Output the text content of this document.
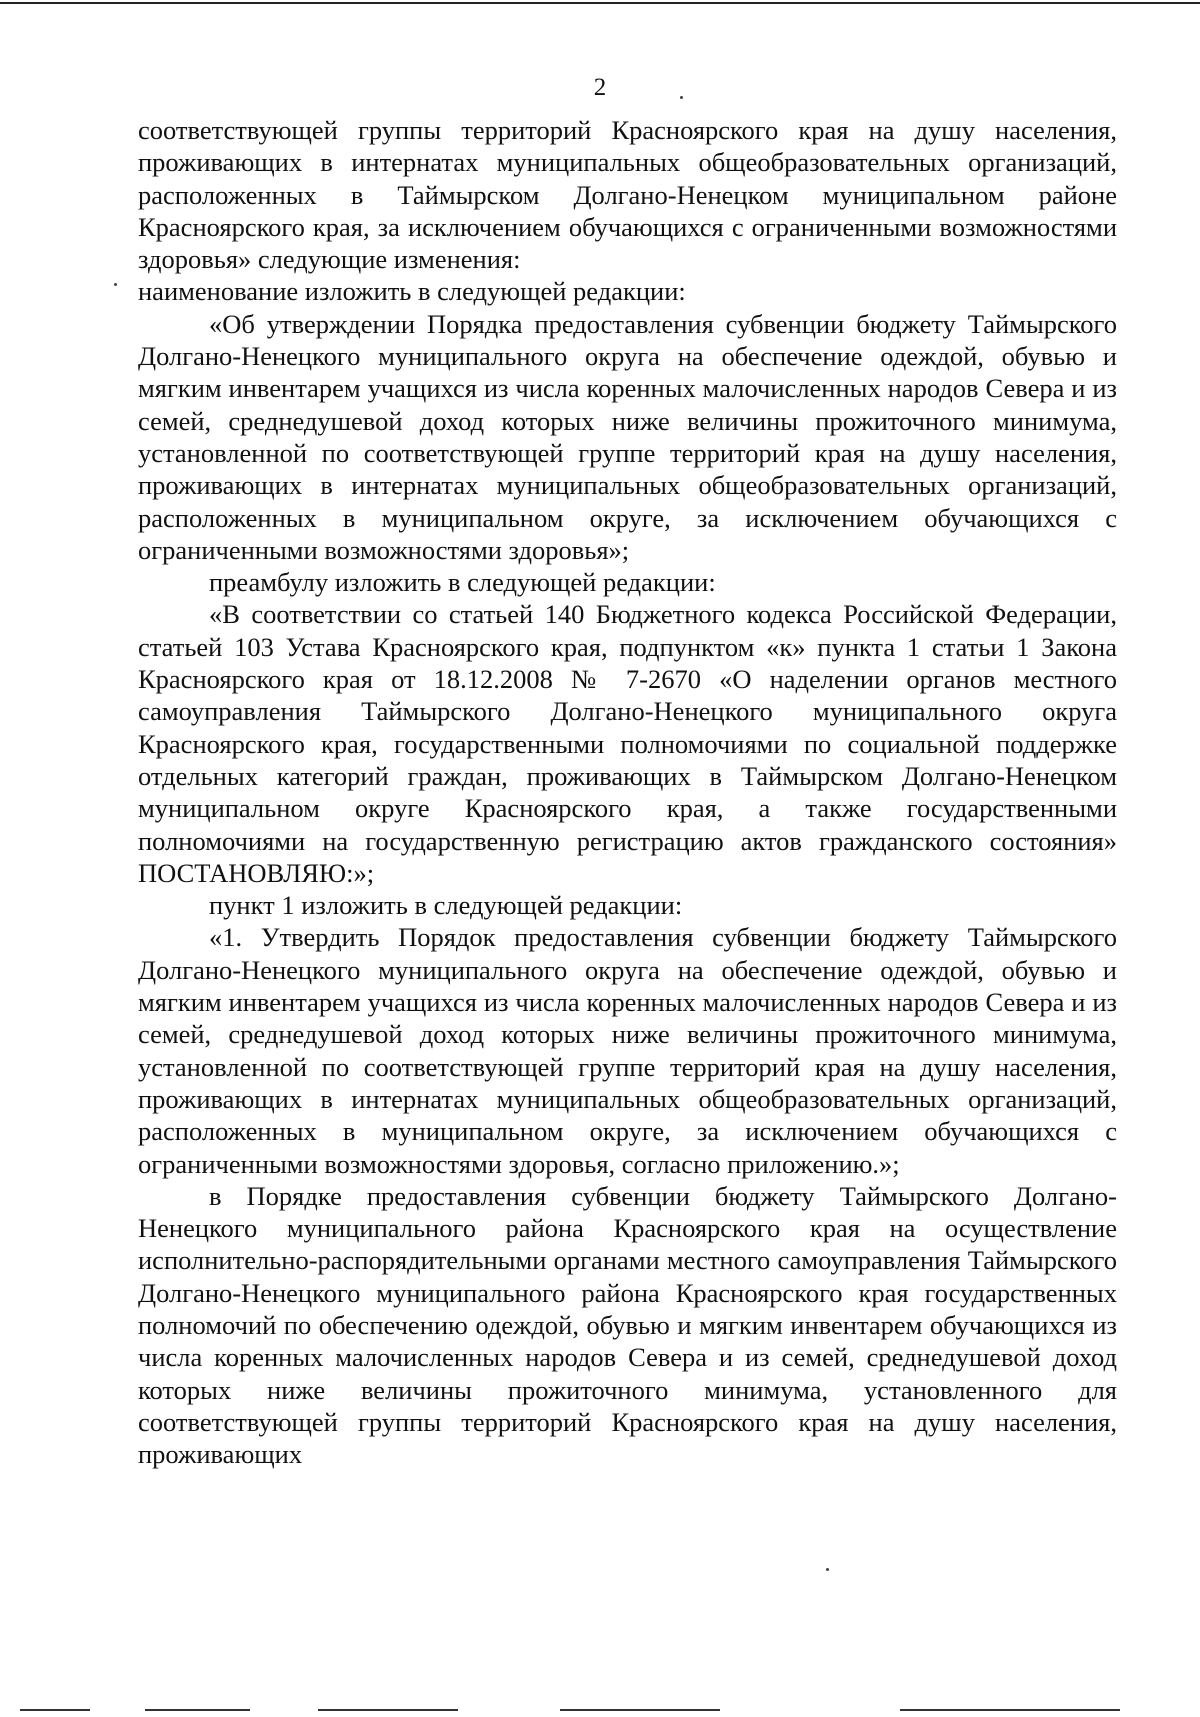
2

соответствующей группы территорий Красноярского края на душу населения, проживающих в интернатах муниципальных общеобразовательных организаций, расположенных в Таймырском Долгано-Ненецком муниципальном районе Красноярского края, за исключением обучающихся с ограниченными возможностями здоровья» следующие изменения:

наименование изложить в следующей редакции:

«Об утверждении Порядка предоставления субвенции бюджету Таймырского Долгано-Ненецкого муниципального округа на обеспечение одеждой, обувью и мягким инвентарем учащихся из числа коренных малочисленных народов Севера и из семей, среднедушевой доход которых ниже величины прожиточного минимума, установленной по соответствующей группе территорий края на душу населения, проживающих в интернатах муниципальных общеобразовательных организаций, расположенных в муниципальном округе, за исключением обучающихся с ограниченными возможностями здоровья»;

преамбулу изложить в следующей редакции:

«В соответствии со статьей 140 Бюджетного кодекса Российской Федерации, статьей 103 Устава Красноярского края, подпунктом «к» пункта 1 статьи 1 Закона Красноярского края от 18.12.2008 № 7-2670 «О наделении органов местного самоуправления Таймырского Долгано-Ненецкого муниципального округа Красноярского края, государственными полномочиями по социальной поддержке отдельных категорий граждан, проживающих в Таймырском Долгано-Ненецком муниципальном округе Красноярского края, а также государственными полномочиями на государственную регистрацию актов гражданского состояния» ПОСТАНОВЛЯЮ:»;

пункт 1 изложить в следующей редакции:

«1. Утвердить Порядок предоставления субвенции бюджету Таймырского Долгано-Ненецкого муниципального округа на обеспечение одеждой, обувью и мягким инвентарем учащихся из числа коренных малочисленных народов Севера и из семей, среднедушевой доход которых ниже величины прожиточного минимума, установленной по соответствующей группе территорий края на душу населения, проживающих в интернатах муниципальных общеобразовательных организаций, расположенных в муниципальном округе, за исключением обучающихся с ограниченными возможностями здоровья, согласно приложению.»;

в Порядке предоставления субвенции бюджету Таймырского Долгано-Ненецкого муниципального района Красноярского края на осуществление исполнительно-распорядительными органами местного самоуправления Таймырского Долгано-Ненецкого муниципального района Красноярского края государственных полномочий по обеспечению одеждой, обувью и мягким инвентарем обучающихся из числа коренных малочисленных народов Севера и из семей, среднедушевой доход которых ниже величины прожиточного минимума, установленного для соответствующей группы территорий Красноярского края на душу населения, проживающих
